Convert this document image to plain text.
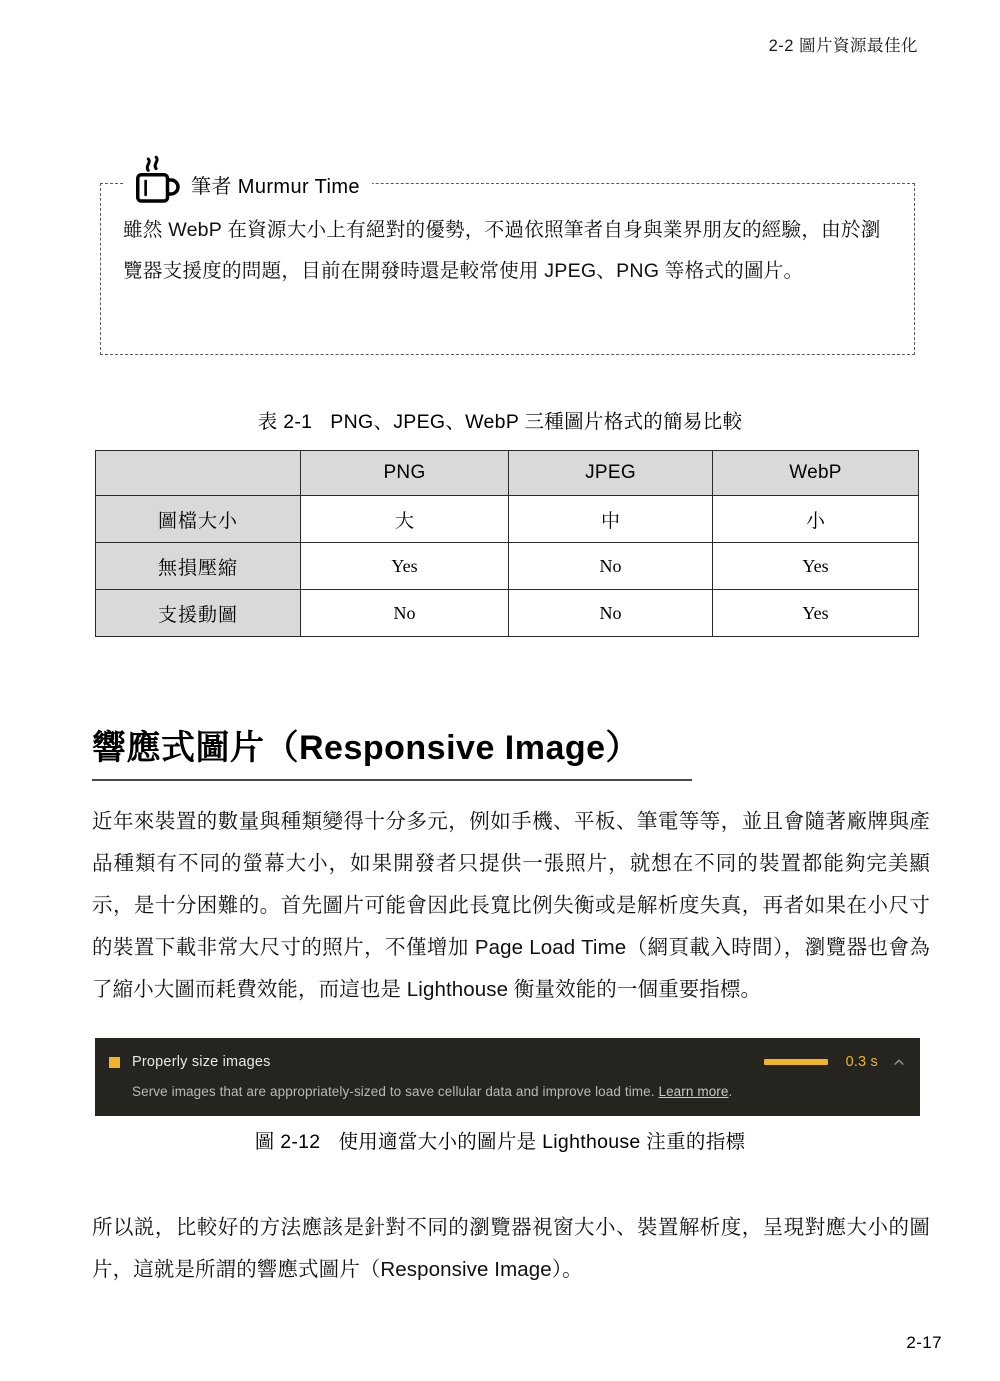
2-2 圖片資源最佳化
筆者 Murmur Time
雖然 WebP 在資源大小上有絕對的優勢，不過依照筆者自身與業界朋友的經驗，由於瀏覽器支援度的問題，目前在開發時還是較常使用 JPEG、PNG 等格式的圖片。
表 2-1 PNG、JPEG、WebP 三種圖片格式的簡易比較
	PNG	JPEG	WebP
圖檔大小	大	中	小
無損壓縮	Yes	No	Yes
支援動圖	No	No	Yes
響應式圖片（Responsive Image）

近年來裝置的數量與種類變得十分多元，例如手機、平板、筆電等等，並且會隨著廠牌與產品種類有不同的螢幕大小，如果開發者只提供一張照片，就想在不同的裝置都能夠完美顯示，是十分困難的。首先圖片可能會因此長寬比例失衡或是解析度失真，再者如果在小尺寸的裝置下載非常大尺寸的照片，不僅增加 Page Load Time（網頁載入時間），瀏覽器也會為了縮小大圖而耗費效能，而這也是 Lighthouse 衡量效能的一個重要指標。

Properly size images	0.3 s
Serve images that are appropriately-sized to save cellular data and improve load time. Learn more.
圖 2-12 使用適當大小的圖片是 Lighthouse 注重的指標

所以説，比較好的方法應該是針對不同的瀏覽器視窗大小、裝置解析度，呈現對應大小的圖片，這就是所謂的響應式圖片（Responsive Image）。

2-17
